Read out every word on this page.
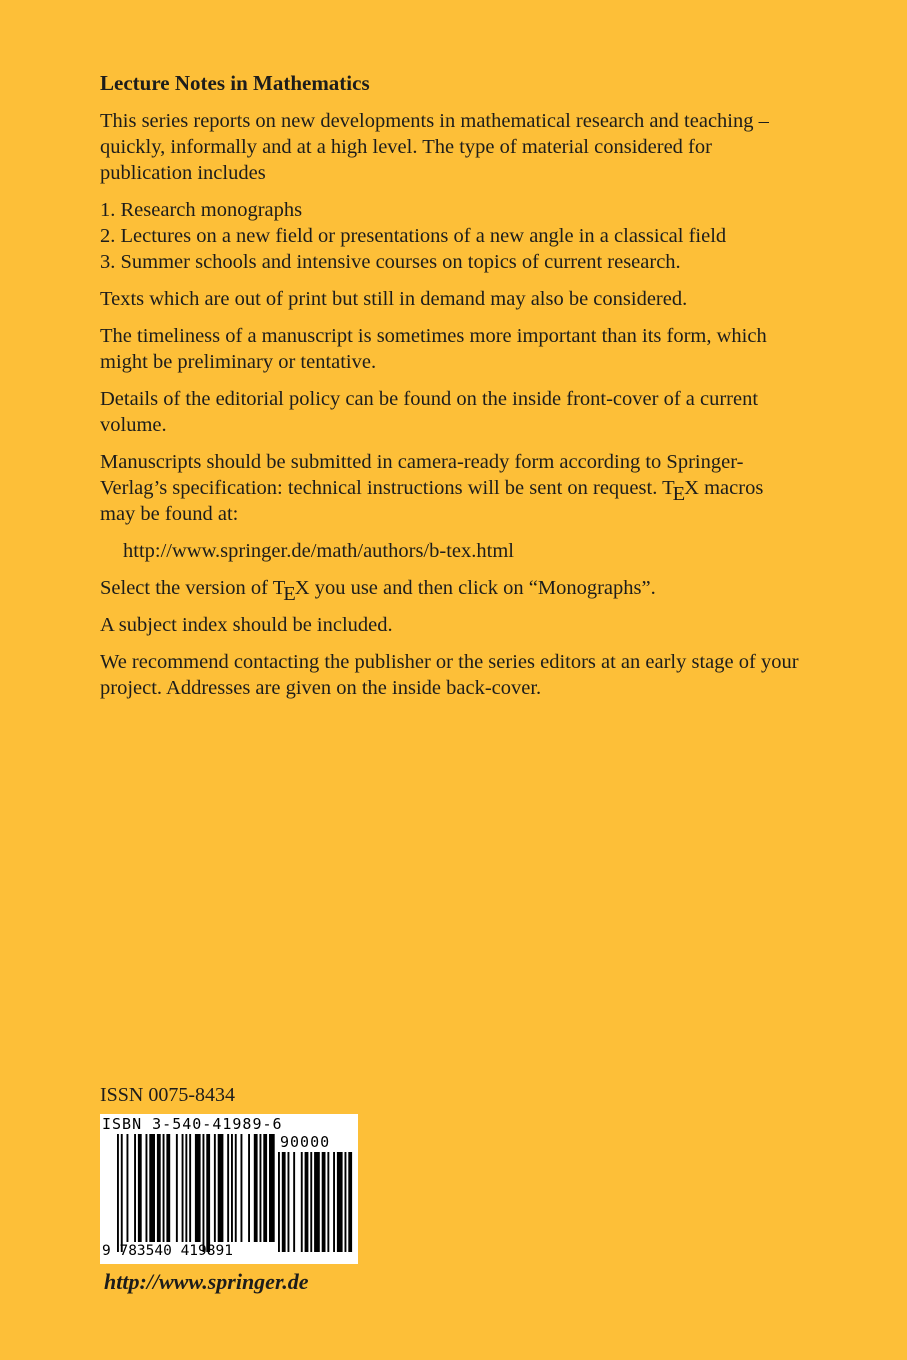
Lecture Notes in Mathematics

This series reports on new developments in mathematical research and teaching – quickly, informally and at a high level. The type of material considered for publication includes

1. Research monographs
2. Lectures on a new field or presentations of a new angle in a classical field
3. Summer schools and intensive courses on topics of current research.

Texts which are out of print but still in demand may also be considered.

The timeliness of a manuscript is sometimes more important than its form, which might be preliminary or tentative.

Details of the editorial policy can be found on the inside front-cover of a current volume.

Manuscripts should be submitted in camera-ready form according to Springer-Verlag’s specification: technical instructions will be sent on request. TEX macros may be found at:

http://www.springer.de/math/authors/b-tex.html

Select the version of TEX you use and then click on “Monographs”.

A subject index should be included.

We recommend contacting the publisher or the series editors at an early stage of your project. Addresses are given on the inside back-cover.

ISSN 0075-8434
ISBN 3-540-41989-6
90000
9 783540 419891
http://www.springer.de
